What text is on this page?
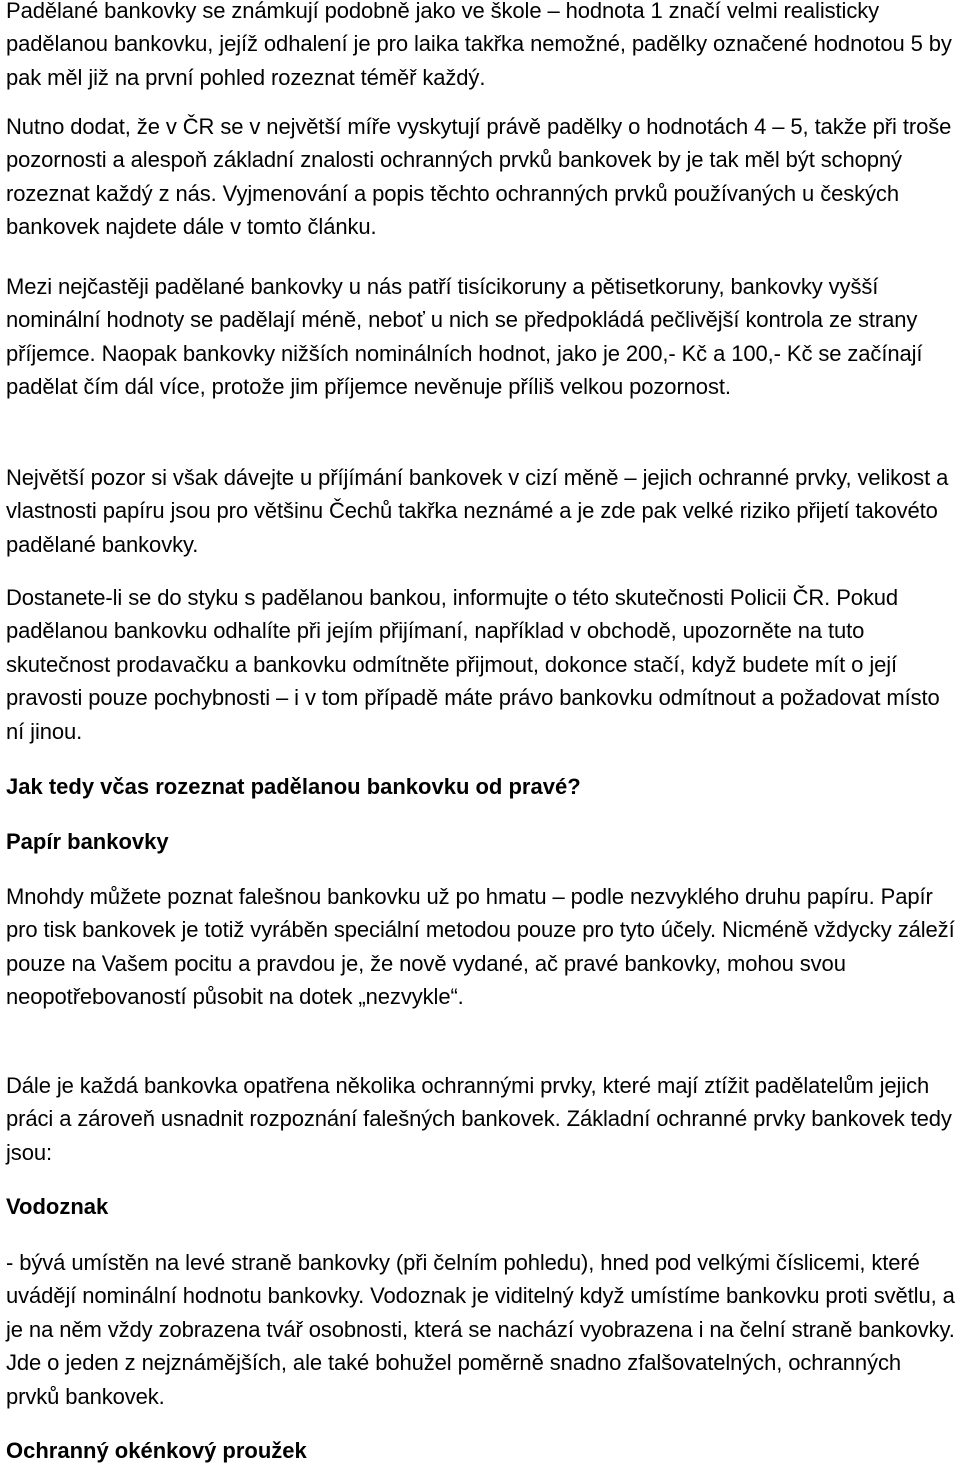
Padělané bankovky se známkují podobně jako ve škole – hodnota 1 značí velmi realisticky padělanou bankovku, jejíž odhalení je pro laika takřka nemožné, padělky označené hodnotou 5 by pak měl již na první pohled rozeznat téměř každý.

Nutno dodat, že v ČR se v největší míře vyskytují právě padělky o hodnotách 4 – 5, takže při troše pozornosti a alespoň základní znalosti ochranných prvků bankovek by je tak měl být schopný rozeznat každý z nás. Vyjmenování a popis těchto ochranných prvků používaných u českých bankovek najdete dále v tomto článku.

Mezi nejčastěji padělané bankovky u nás patří tisícikoruny a pětisetkoruny, bankovky vyšší nominální hodnoty se padělají méně, neboť u nich se předpokládá pečlivější kontrola ze strany příjemce. Naopak bankovky nižších nominálních hodnot, jako je 200,- Kč a 100,- Kč se začínají padělat čím dál více, protože jim příjemce nevěnuje příliš velkou pozornost.

Největší pozor si však dávejte u příjímání bankovek v cizí měně – jejich ochranné prvky, velikost a vlastnosti papíru jsou pro většinu Čechů takřka neznámé a je zde pak velké riziko přijetí takovéto padělané bankovky.

Dostanete-li se do styku s padělanou bankou, informujte o této skutečnosti Policii ČR. Pokud padělanou bankovku odhalíte při jejím přijímaní, například v obchodě, upozorněte na tuto skutečnost prodavačku a bankovku odmítněte přijmout, dokonce stačí, když budete mít o její pravosti pouze pochybnosti – i v tom případě máte právo bankovku odmítnout a požadovat místo ní jinou.

Jak tedy včas rozeznat padělanou bankovku od pravé?
Papír bankovky

Mnohdy můžete poznat falešnou bankovku už po hmatu – podle nezvyklého druhu papíru. Papír pro tisk bankovek je totiž vyráběn speciální metodou pouze pro tyto účely. Nicméně vždycky záleží pouze na Vašem pocitu a pravdou je, že nově vydané, ač pravé bankovky, mohou svou neopotřebovaností působit na dotek „nezvykle“.

Dále je každá bankovka opatřena několika ochrannými prvky, které mají ztížit padělatelům jejich práci a zároveň usnadnit rozpoznání falešných bankovek. Základní ochranné prvky bankovek tedy jsou:

Vodoznak

- bývá umístěn na levé straně bankovky (při čelním pohledu), hned pod velkými číslicemi, které uvádějí nominální hodnotu bankovky. Vodoznak je viditelný když umístíme bankovku proti světlu, a je na něm vždy zobrazena tvář osobnosti, která se nachází vyobrazena i na čelní straně bankovky. Jde o jeden z nejznámějších, ale také bohužel poměrně snadno zfalšovatelných, ochranných prvků bankovek.

Ochranný okénkový proužek
